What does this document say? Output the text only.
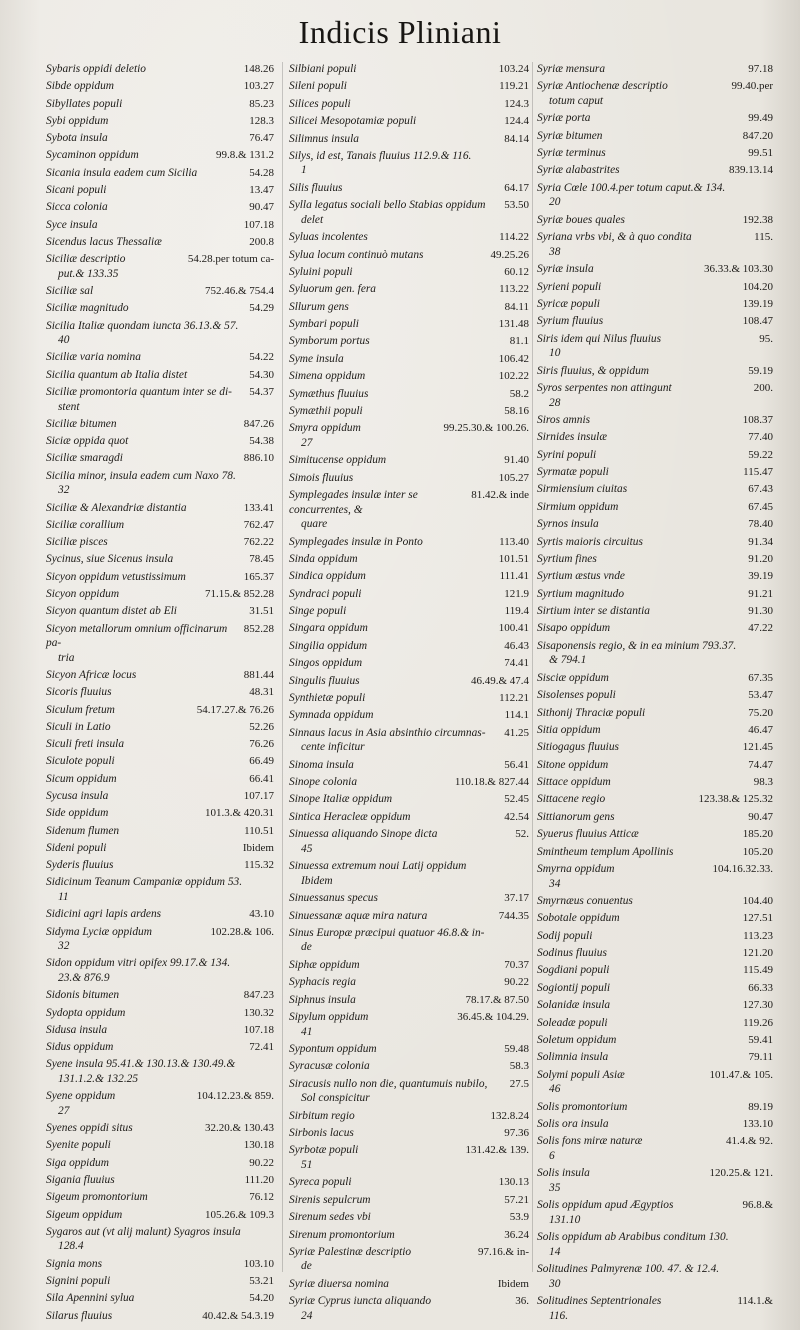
Indicis Pliniani
148.26
Sybaris oppidi deletio
103.27
Sibde oppidum
85.23
Sibyllates populi
128.3
Sybi oppidum
76.47
Sybota insula
99.8.& 131.2
Sycaminon oppidum
54.28
Sicania insula eadem cum Sicilia
13.47
Sicani populi
90.47
Sicca colonia
107.18
Syce insula
200.8
Sicendus lacus Thessaliæ
54.28.per totum ca-
Siciliæ descriptio
put.& 133.35
752.46.& 754.4
Siciliæ sal
54.29
Siciliæ magnitudo
Sicilia Italiæ quondam iuncta 36.13.& 57.
40
54.22
Siciliæ varia nomina
54.30
Sicilia quantum ab Italia distet
54.37
Siciliæ promontoria quantum inter se di-
stent
847.26
Siciliæ bitumen
54.38
Siciæ oppida quot
886.10
Siciliæ smaragdi
Sicilia minor, insula eadem cum Naxo 78.
32
133.41
Siciliæ & Alexandriæ distantia
762.47
Siciliæ corallium
762.22
Siciliæ pisces
78.45
Sycinus, siue Sicenus insula
165.37
Sicyon oppidum vetustissimum
71.15.& 852.28
Sicyon oppidum
31.51
Sicyon quantum distet ab Eli
852.28
Sicyon metallorum omnium officinarum pa-
tria
881.44
Sicyon Africæ locus
48.31
Sicoris fluuius
54.17.27.& 76.26
Siculum fretum
52.26
Siculi in Latio
76.26
Siculi freti insula
66.49
Siculote populi
66.41
Sicum oppidum
107.17
Sycusa insula
101.3.& 420.31
Side oppidum
110.51
Sidenum flumen
Ibidem
Sideni populi
115.32
Syderis fluuius
Sidicinum Teanum Campaniæ oppidum 53.
11
43.10
Sidicini agri lapis ardens
102.28.& 106.
Sidyma Lyciæ oppidum
32
Sidon oppidum vitri opifex 99.17.& 134.
23.& 876.9
847.23
Sidonis bitumen
130.32
Sydopta oppidum
107.18
Sidusa insula
72.41
Sidus oppidum
Syene insula 95.41.& 130.13.& 130.49.&
131.1.2.& 132.25
104.12.23.& 859.
Syene oppidum
27
32.20.& 130.43
Syenes oppidi situs
130.18
Syenite populi
90.22
Siga oppidum
111.20
Sigania fluuius
76.12
Sigeum promontorium
105.26.& 109.3
Sigeum oppidum
Sygaros aut (vt alij malunt) Syagros insula
128.4
103.10
Signia mons
53.21
Signini populi
54.20
Sila Apennini sylua
40.42.& 54.3.19
Silarus fluuius
103.24
Silbiani populi
119.21
Sileni populi
124.3
Silices populi
124.4
Silicei Mesopotamiæ populi
84.14
Silimnus insula
Silys, id est, Tanais fluuius 112.9.& 116.
1
64.17
Silis fluuius
53.50
Sylla legatus sociali bello Stabias oppidum
delet
114.22
Syluas incolentes
49.25.26
Sylua locum continuò mutans
60.12
Syluini populi
113.22
Syluorum gen. fera
84.11
Sllurum gens
131.48
Symbari populi
81.1
Symborum portus
106.42
Syme insula
102.22
Simena oppidum
58.2
Symæthus fluuius
58.16
Symæthii populi
99.25.30.& 100.26.
Smyra oppidum
27
91.40
Simitucense oppidum
105.27
Simois fluuius
81.42.& inde
Symplegades insulæ inter se concurrentes, &
quare
113.40
Symplegades insulæ in Ponto
101.51
Sinda oppidum
111.41
Sindica oppidum
121.9
Syndraci populi
119.4
Singe populi
100.41
Singara oppidum
46.43
Singilia oppidum
74.41
Singos oppidum
46.49.& 47.4
Singulis fluuius
112.21
Synthietæ populi
114.1
Symnada oppidum
41.25
Sinnaus lacus in Asia absinthio circumnas-
cente inficitur
56.41
Sinoma insula
110.18.& 827.44
Sinope colonia
52.45
Sinope Italiæ oppidum
42.54
Sintica Heracleæ oppidum
52.
Sinuessa aliquando Sinope dicta
45
Sinuessa extremum noui Latij oppidum
Ibidem
37.17
Sinuessanus specus
744.35
Sinuessanæ aquæ mira natura
Sinus Europæ præcipui quatuor 46.8.& in-
de
70.37
Siphæ oppidum
90.22
Syphacis regia
78.17.& 87.50
Siphnus insula
36.45.& 104.29.
Sipylum oppidum
41
59.48
Sypontum oppidum
58.3
Syracusæ colonia
27.5
Siracusis nullo non die, quantumuis nubilo,
Sol conspicitur
132.8.24
Sirbitum regio
97.36
Sirbonis lacus
131.42.& 139.
Syrbotæ populi
51
130.13
Syreca populi
57.21
Sirenis sepulcrum
53.9
Sirenum sedes vbi
36.24
Sirenum promontorium
97.16.& in-
Syriæ Palestinæ descriptio
de
Ibidem
Syriæ diuersa nomina
36.
Syriæ Cyprus iuncta aliquando
24
97.18
Syriæ mensura
99.40.per
Syriæ Antiochenæ descriptio
totum caput
99.49
Syriæ porta
847.20
Syriæ bitumen
99.51
Syriæ terminus
839.13.14
Syriæ alabastrites
Syria Cœle 100.4.per totum caput.& 134.
20
192.38
Syriæ boues quales
115.
Syriana vrbs vbi, & à quo condita
38
36.33.& 103.30
Syriæ insula
104.20
Syrieni populi
139.19
Syricæ populi
108.47
Syrium fluuius
95.
Siris idem qui Nilus fluuius
10
59.19
Siris fluuius, & oppidum
200.
Syros serpentes non attingunt
28
108.37
Siros amnis
77.40
Sirnides insulæ
59.22
Syrini populi
115.47
Syrmatæ populi
67.43
Sirmiensium ciuitas
67.45
Sirmium oppidum
78.40
Syrnos insula
91.34
Syrtis maioris circuitus
91.20
Syrtium fines
39.19
Syrtium æstus vnde
91.21
Syrtium magnitudo
91.30
Sirtium inter se distantia
47.22
Sisapo oppidum
Sisaponensis regio, & in ea minium 793.37.
& 794.1
67.35
Sisciæ oppidum
53.47
Sisolenses populi
75.20
Sithonij Thraciæ populi
46.47
Sitia oppidum
121.45
Sitiogagus fluuius
74.47
Sitone oppidum
98.3
Sittace oppidum
123.38.& 125.32
Sittacene regio
90.47
Sittianorum gens
185.20
Syuerus fluuius Atticæ
105.20
Smintheum templum Apollinis
104.16.32.33.
Smyrna oppidum
34
104.40
Smyrnæus conuentus
127.51
Sobotale oppidum
113.23
Sodij populi
121.20
Sodinus fluuius
115.49
Sogdiani populi
66.33
Sogiontij populi
127.30
Solanidæ insula
119.26
Soleadæ populi
59.41
Soletum oppidum
79.11
Solimnia insula
101.47.& 105.
Solymi populi Asiæ
46
89.19
Solis promontorium
133.10
Solis ora insula
41.4.& 92.
Solis fons miræ naturæ
6
120.25.& 121.
Solis insula
35
96.8.&
Solis oppidum apud Ægyptios
131.10
Solis oppidum ab Arabibus conditum 130.
14
Solitudines Palmyrenæ 100. 47. & 12.4.
30
114.1.&
Solitudines Septentrionales
116.
